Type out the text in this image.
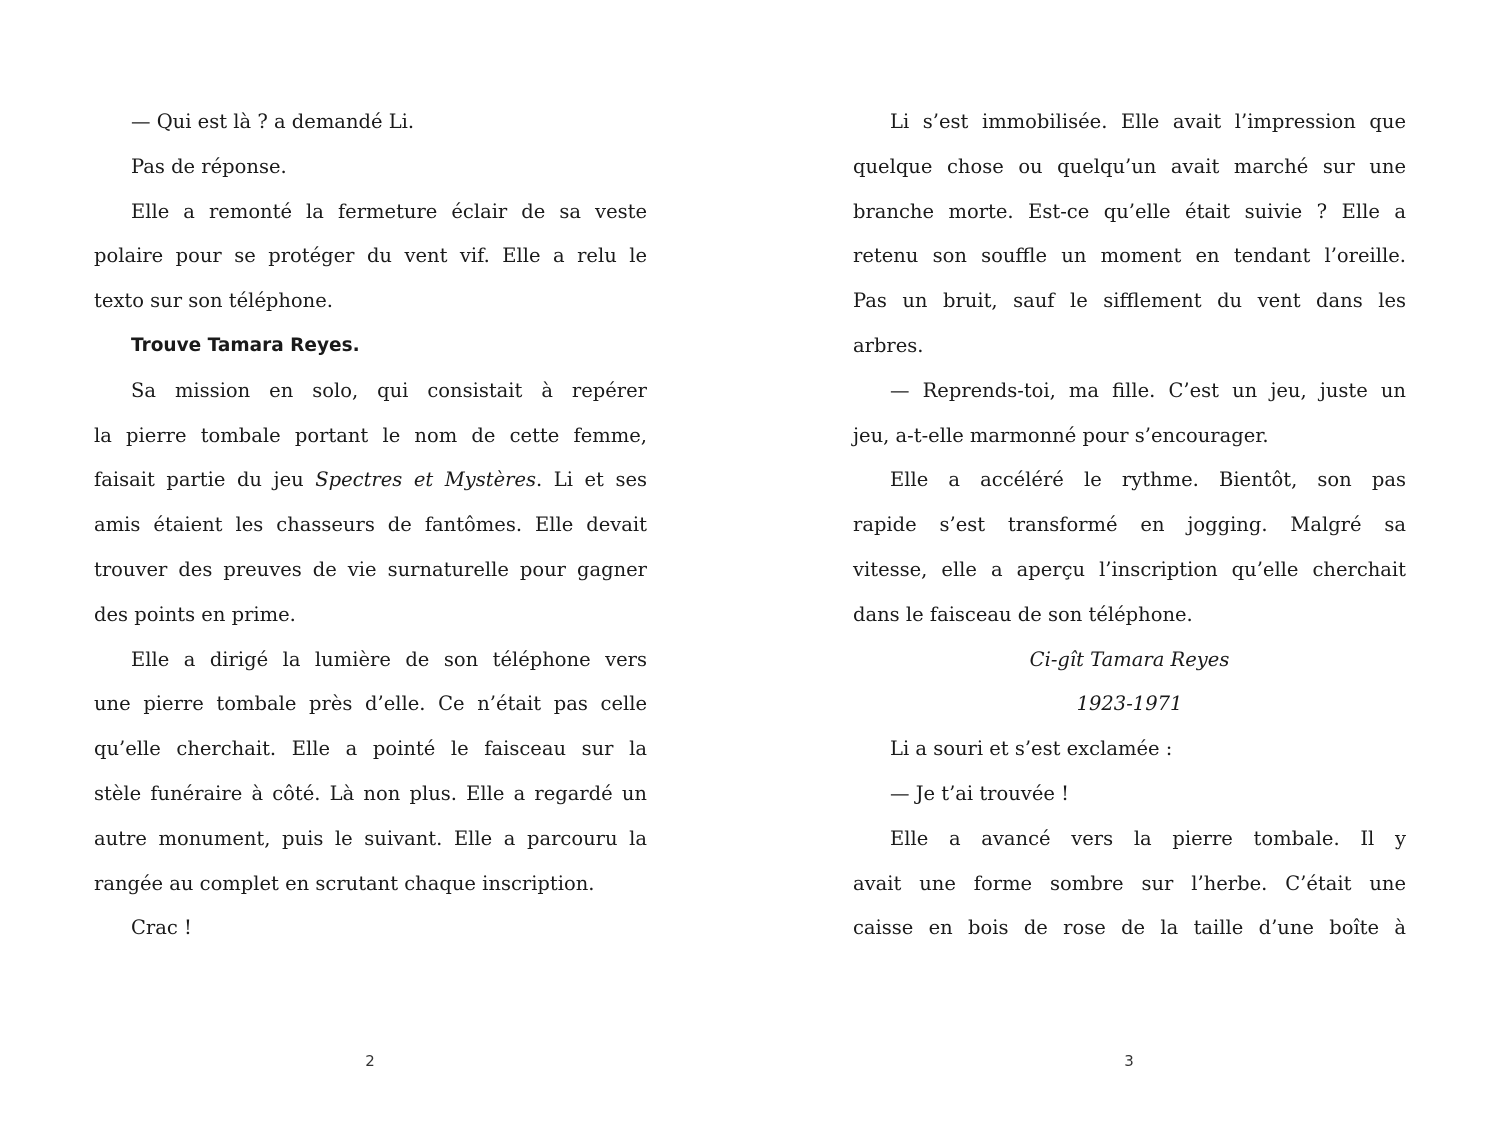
— Qui est là ? a demandé Li.
Pas de réponse.
Elle a remonté la fermeture éclair de sa veste
polaire pour se protéger du vent vif. Elle a relu le
texto sur son téléphone.
Trouve Tamara Reyes.
Sa mission en solo, qui consistait à repérer
la pierre tombale portant le nom de cette femme,
faisait partie du jeu Spectres et Mystères. Li et ses
amis étaient les chasseurs de fantômes. Elle devait
trouver des preuves de vie surnaturelle pour gagner
des points en prime.
Elle a dirigé la lumière de son téléphone vers
une pierre tombale près d’elle. Ce n’était pas celle
qu’elle cherchait. Elle a pointé le faisceau sur la
stèle funéraire à côté. Là non plus. Elle a regardé un
autre monument, puis le suivant. Elle a parcouru la
rangée au complet en scrutant chaque inscription.
Crac !
Li s’est immobilisée. Elle avait l’impression que
quelque chose ou quelqu’un avait marché sur une
branche morte. Est-ce qu’elle était suivie ? Elle a
retenu son souffle un moment en tendant l’oreille.
Pas un bruit, sauf le sifflement du vent dans les
arbres.
— Reprends-toi, ma fille. C’est un jeu, juste un
jeu, a-t-elle marmonné pour s’encourager.
Elle a accéléré le rythme. Bientôt, son pas
rapide s’est transformé en jogging. Malgré sa
vitesse, elle a aperçu l’inscription qu’elle cherchait
dans le faisceau de son téléphone.
Ci-gît Tamara Reyes
1923-1971
Li a souri et s’est exclamée :
— Je t’ai trouvée !
Elle a avancé vers la pierre tombale. Il y
avait une forme sombre sur l’herbe. C’était une
caisse en bois de rose de la taille d’une boîte à
2	3
